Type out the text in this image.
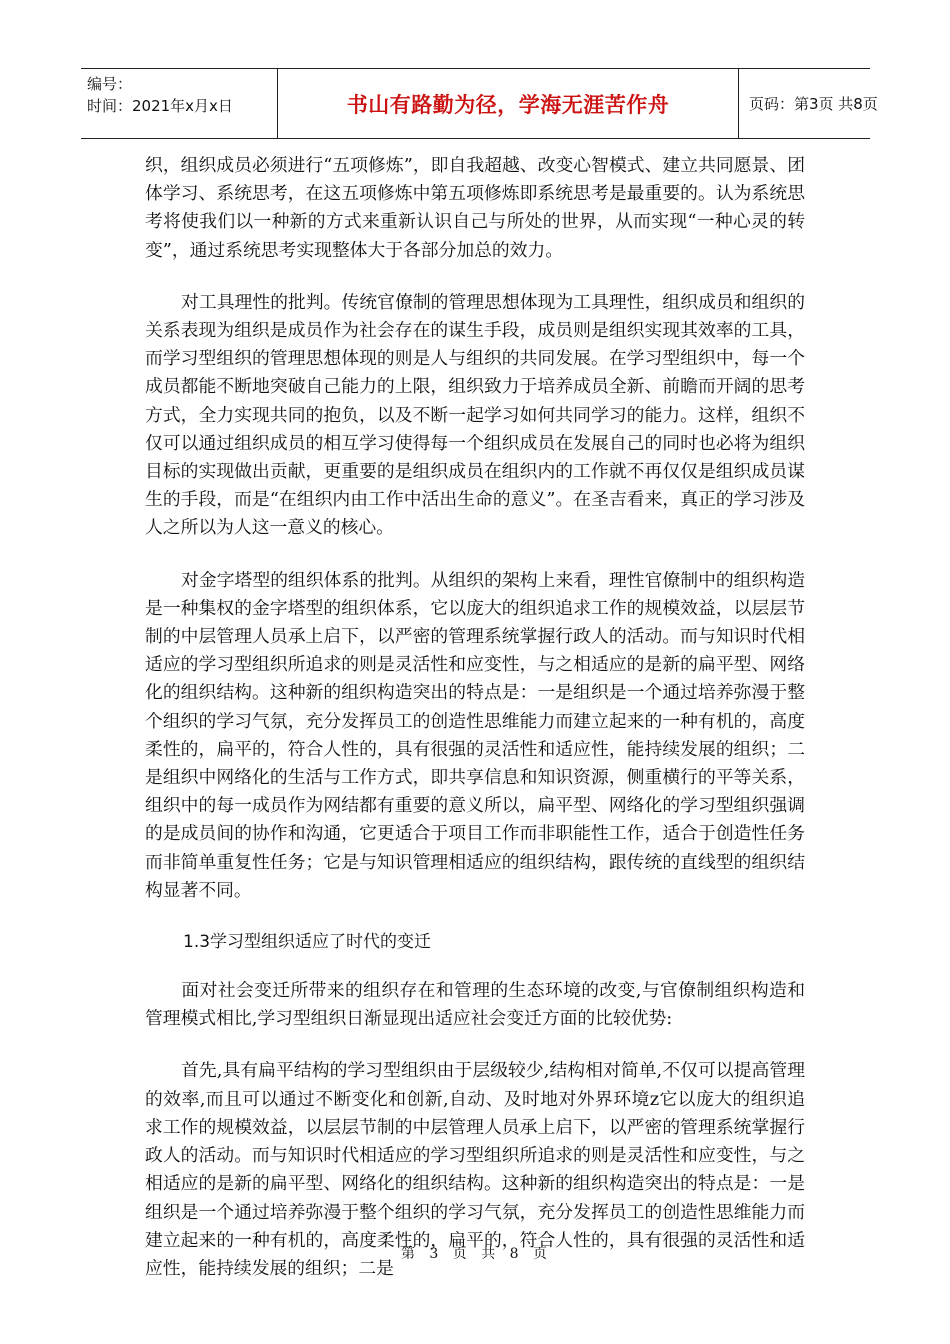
编号：
时间：2021年x月x日	书山有路勤为径，学海无涯苦作舟	页码：第3页 共8页

织，组织成员必须进行“五项修炼”，即自我超越、改变心智模式、建立共同愿景、团体学习、系统思考，在这五项修炼中第五项修炼即系统思考是最重要的。认为系统思考将使我们以一种新的方式来重新认识自己与所处的世界，从而实现“一种心灵的转变”，通过系统思考实现整体大于各部分加总的效力。

对工具理性的批判。传统官僚制的管理思想体现为工具理性，组织成员和组织的关系表现为组织是成员作为社会存在的谋生手段，成员则是组织实现其效率的工具，而学习型组织的管理思想体现的则是人与组织的共同发展。在学习型组织中，每一个成员都能不断地突破自己能力的上限，组织致力于培养成员全新、前瞻而开阔的思考方式，全力实现共同的抱负，以及不断一起学习如何共同学习的能力。这样，组织不仅可以通过组织成员的相互学习使得每一个组织成员在发展自己的同时也必将为组织目标的实现做出贡献，更重要的是组织成员在组织内的工作就不再仅仅是组织成员谋生的手段，而是“在组织内由工作中活出生命的意义”。在圣吉看来，真正的学习涉及人之所以为人这一意义的核心。

对金字塔型的组织体系的批判。从组织的架构上来看，理性官僚制中的组织构造是一种集权的金字塔型的组织体系，它以庞大的组织追求工作的规模效益，以层层节制的中层管理人员承上启下，以严密的管理系统掌握行政人的活动。而与知识时代相适应的学习型组织所追求的则是灵活性和应变性，与之相适应的是新的扁平型、网络化的组织结构。这种新的组织构造突出的特点是：一是组织是一个通过培养弥漫于整个组织的学习气氛，充分发挥员工的创造性思维能力而建立起来的一种有机的，高度柔性的，扁平的，符合人性的，具有很强的灵活性和适应性，能持续发展的组织；二是组织中网络化的生活与工作方式，即共享信息和知识资源，侧重横行的平等关系，组织中的每一成员作为网结都有重要的意义所以，扁平型、网络化的学习型组织强调的是成员间的协作和沟通，它更适合于项目工作而非职能性工作，适合于创造性任务而非简单重复性任务；它是与知识管理相适应的组织结构，跟传统的直线型的组织结构显著不同。

1.3学习型组织适应了时代的变迁

面对社会变迁所带来的组织存在和管理的生态环境的改变,与官僚制组织构造和管理模式相比,学习型组织日渐显现出适应社会变迁方面的比较优势:

首先,具有扁平结构的学习型组织由于层级较少,结构相对简单,不仅可以提高管理的效率,而且可以通过不断变化和创新,自动、及时地对外界环境z它以庞大的组织追求工作的规模效益，以层层节制的中层管理人员承上启下，以严密的管理系统掌握行政人的活动。而与知识时代相适应的学习型组织所追求的则是灵活性和应变性，与之相适应的是新的扁平型、网络化的组织结构。这种新的组织构造突出的特点是：一是组织是一个通过培养弥漫于整个组织的学习气氛，充分发挥员工的创造性思维能力而建立起来的一种有机的，高度柔性的，扁平的，符合人性的，具有很强的灵活性和适应性，能持续发展的组织；二是

第 3 页 共 8 页
